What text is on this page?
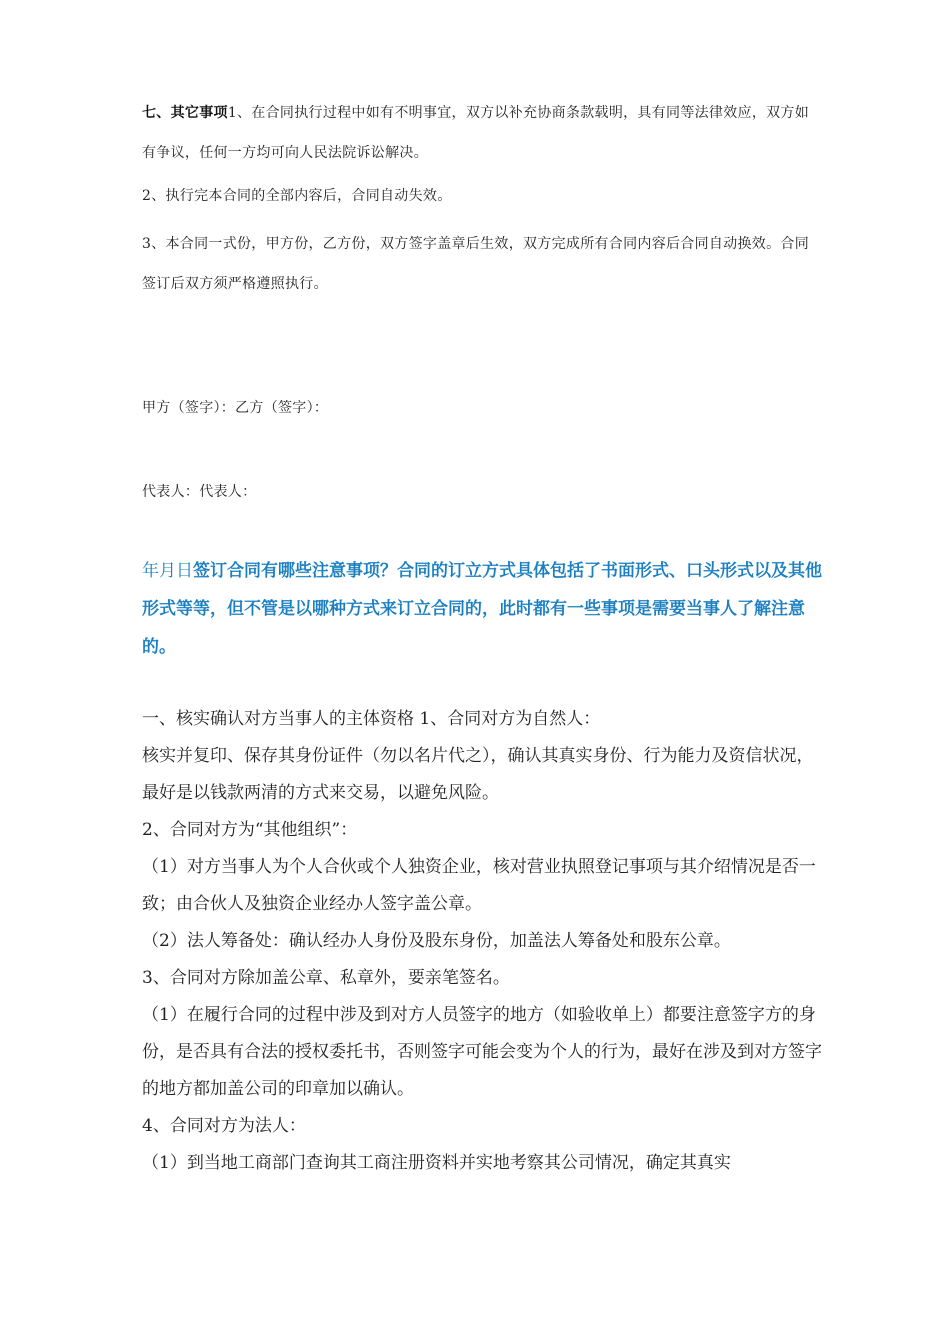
七、其它事项1、在合同执行过程中如有不明事宜，双方以补充协商条款载明，具有同等法律效应，双方如有争议，任何一方均可向人民法院诉讼解决。
2、执行完本合同的全部内容后，合同自动失效。
3、本合同一式份，甲方份，乙方份，双方签字盖章后生效，双方完成所有合同内容后合同自动换效。合同签订后双方须严格遵照执行。
甲方（签字）：乙方（签字）：
代表人：代表人：
年月日签订合同有哪些注意事项？合同的订立方式具体包括了书面形式、口头形式以及其他形式等等，但不管是以哪种方式来订立合同的，此时都有一些事项是需要当事人了解注意的。

一、核实确认对方当事人的主体资格 1、合同对方为自然人：

核实并复印、保存其身份证件（勿以名片代之），确认其真实身份、行为能力及资信状况，最好是以钱款两清的方式来交易，以避免风险。

2、合同对方为“其他组织”：

（1）对方当事人为个人合伙或个人独资企业，核对营业执照登记事项与其介绍情况是否一致；由合伙人及独资企业经办人签字盖公章。

（2）法人筹备处：确认经办人身份及股东身份，加盖法人筹备处和股东公章。

3、合同对方除加盖公章、私章外，要亲笔签名。

（1）在履行合同的过程中涉及到对方人员签字的地方（如验收单上）都要注意签字方的身份，是否具有合法的授权委托书，否则签字可能会变为个人的行为，最好在涉及到对方签字的地方都加盖公司的印章加以确认。

4、合同对方为法人：

（1）到当地工商部门查询其工商注册资料并实地考察其公司情况，确定其真实
